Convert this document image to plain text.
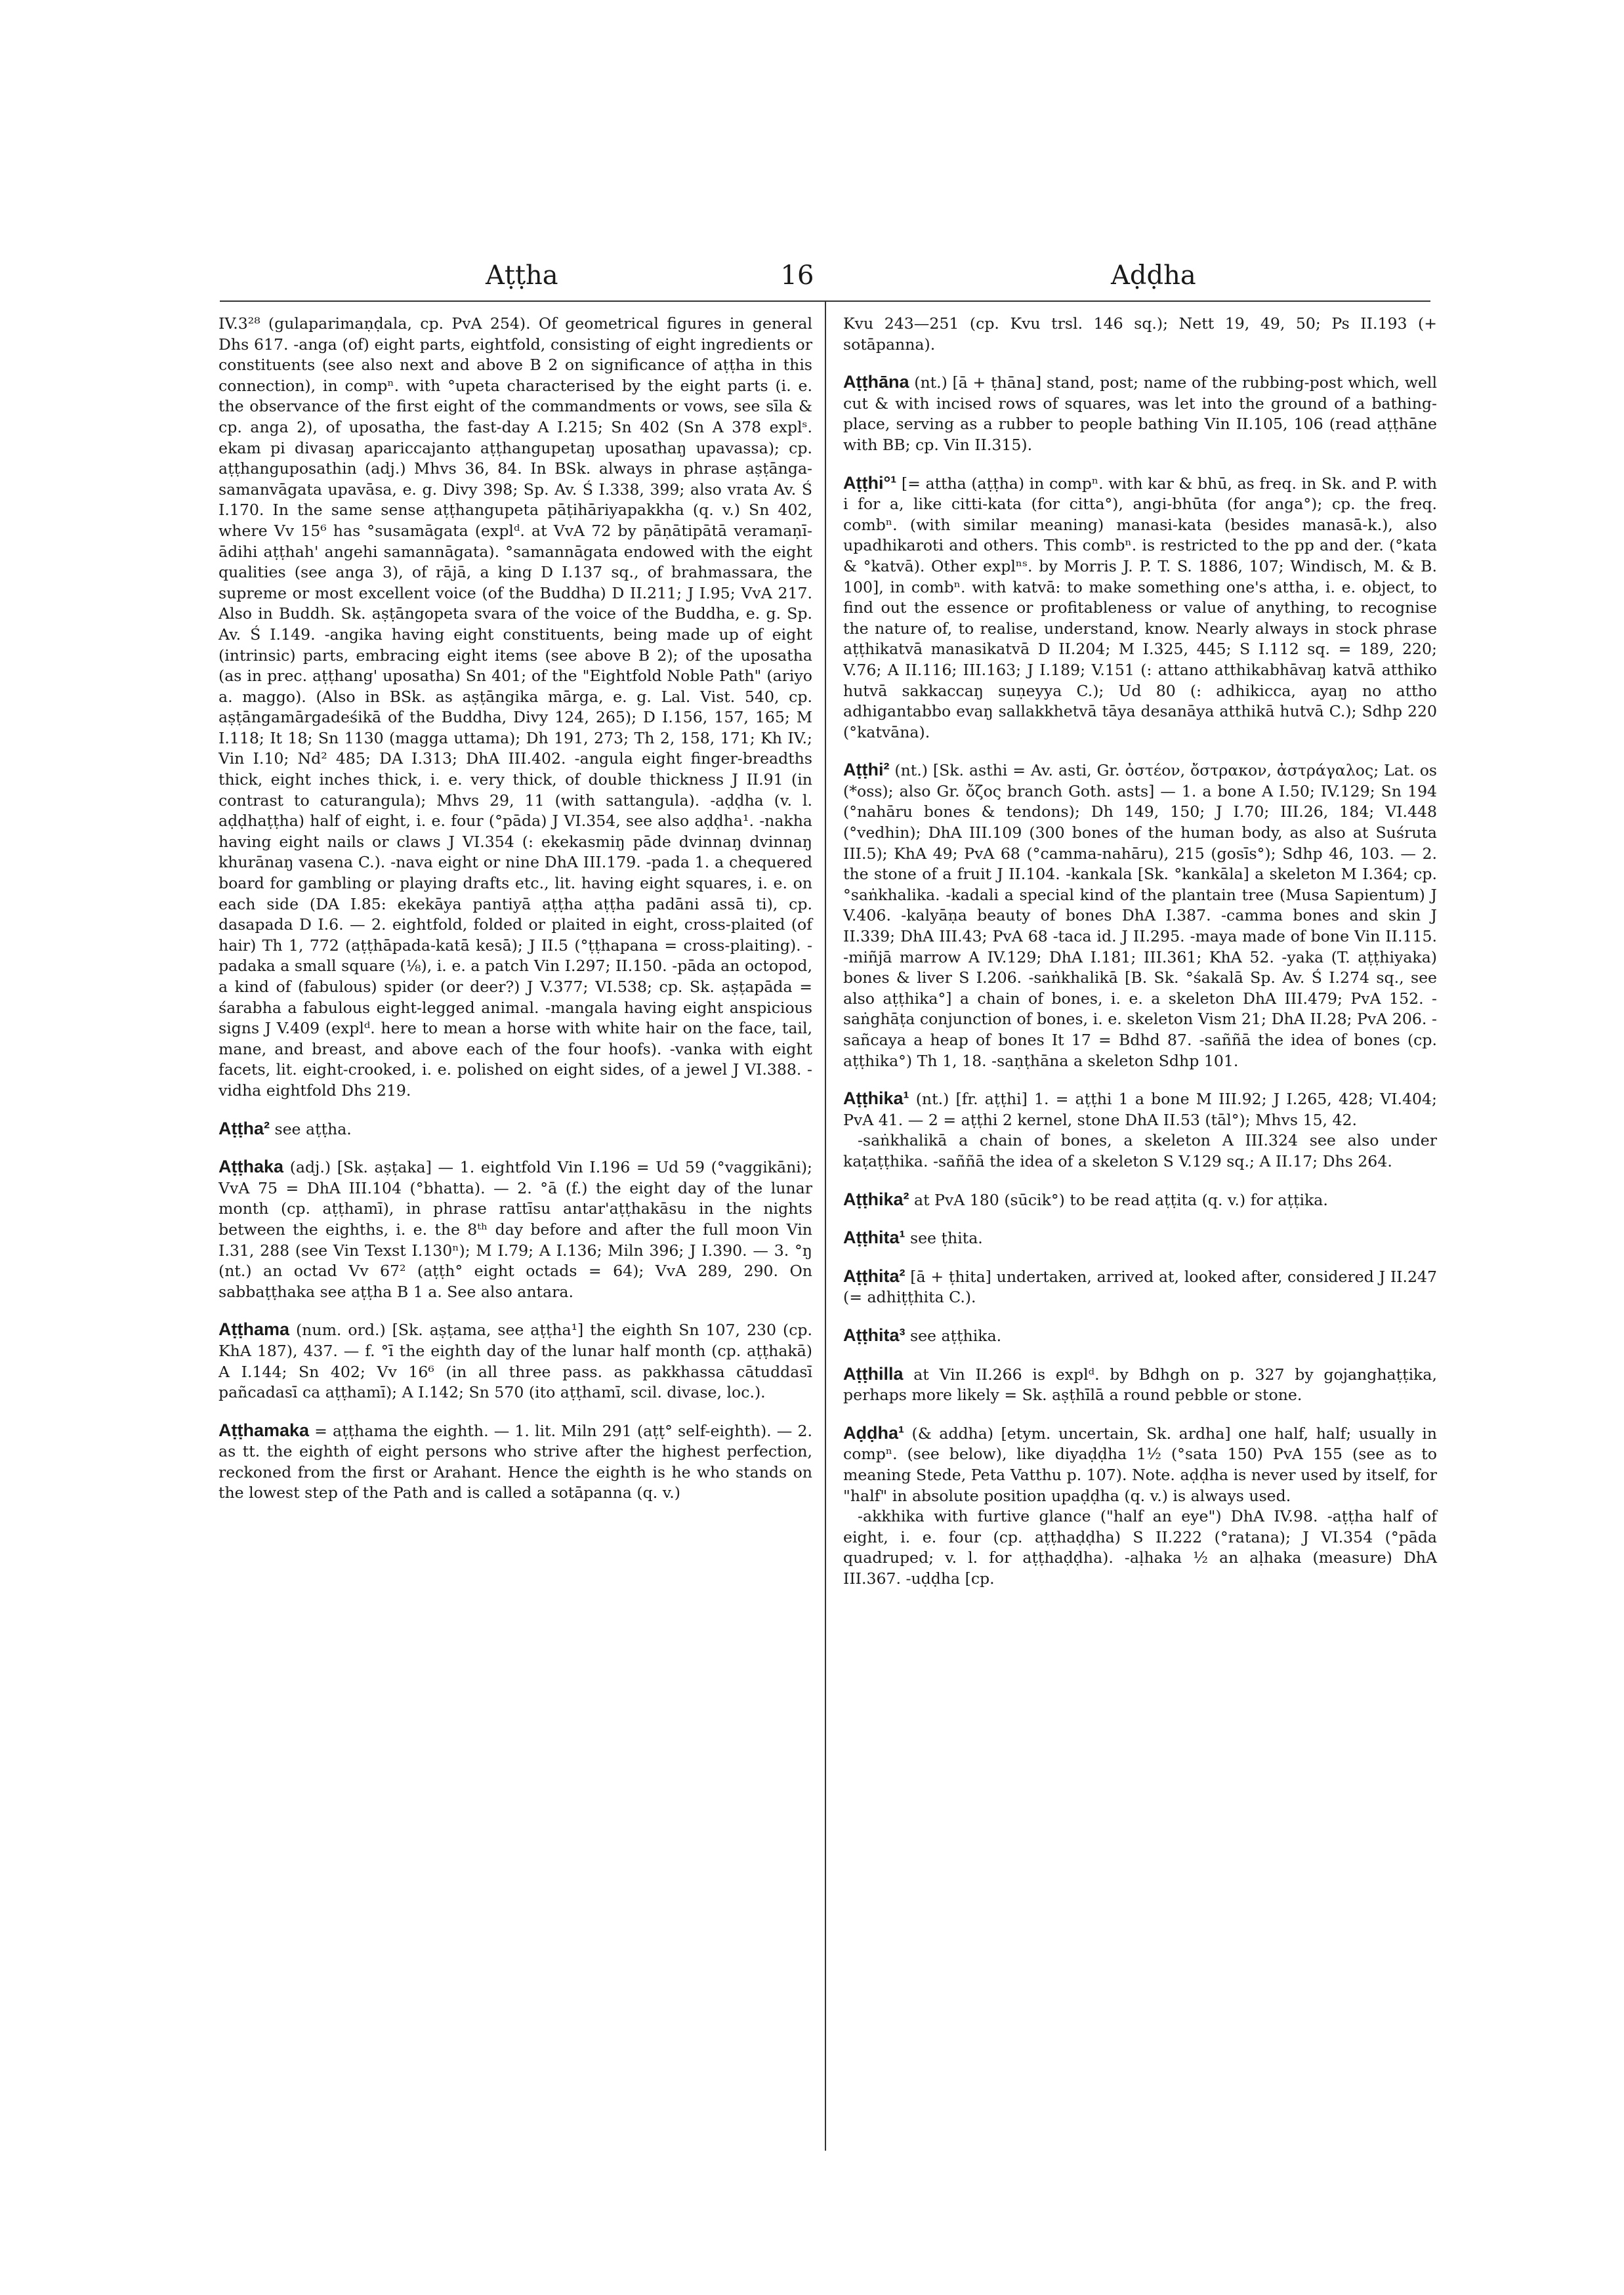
Aṭṭha	16	Aḍḍha
IV.3²⁸ (gulaparimaṇḍala, cp. PvA 254). Of geometrical figures in general Dhs 617. -anga (of) eight parts, eightfold, consisting of eight ingredients or constituents (see also next and above B 2 on significance of aṭṭha in this connection), in compⁿ. with °upeta characterised by the eight parts (i. e. the observance of the first eight of the commandments or vows, see sīla & cp. anga 2), of uposatha, the fast-day A I.215; Sn 402 (Sn A 378 explˢ. ekam pi divasaŋ apariccajanto aṭṭhangupetaŋ uposathaŋ upavassa); cp. aṭṭhanguposathin (adj.) Mhvs 36, 84. In BSk. always in phrase aṣṭānga-samanvāgata upavāsa, e. g. Divy 398; Sp. Av. Ś I.338, 399; also vrata Av. Ś I.170. In the same sense aṭṭhangupeta pāṭihāriyapakkha (q. v.) Sn 402, where Vv 15⁶ has °susamāgata (explᵈ. at VvA 72 by pāṇātipātā veramaṇī-ādihi aṭṭhah' angehi samannāgata). °samannāgata endowed with the eight qualities (see anga 3), of rājā, a king D I.137 sq., of brahmassara, the supreme or most excellent voice (of the Buddha) D II.211; J I.95; VvA 217. Also in Buddh. Sk. aṣṭāngopeta svara of the voice of the Buddha, e. g. Sp. Av. Ś I.149. -angika having eight constituents, being made up of eight (intrinsic) parts, embracing eight items (see above B 2); of the uposatha (as in prec. aṭṭhang' uposatha) Sn 401; of the "Eightfold Noble Path" (ariyo a. maggo). (Also in BSk. as aṣṭāngika mārga, e. g. Lal. Vist. 540, cp. aṣṭāngamārgadeśikā of the Buddha, Divy 124, 265); D I.156, 157, 165; M I.118; It 18; Sn 1130 (magga uttama); Dh 191, 273; Th 2, 158, 171; Kh IV.; Vin I.10; Nd² 485; DA I.313; DhA III.402. -angula eight finger-breadths thick, eight inches thick, i. e. very thick, of double thickness J II.91 (in contrast to caturangula); Mhvs 29, 11 (with sattangula). -aḍḍha (v. l. aḍḍhaṭṭha) half of eight, i. e. four (°pāda) J VI.354, see also aḍḍha¹. -nakha having eight nails or claws J VI.354 (: ekekasmiŋ pāde dvinnaŋ dvinnaŋ khurānaŋ vasena C.). -nava eight or nine DhA III.179. -pada 1. a chequered board for gambling or playing drafts etc., lit. having eight squares, i. e. on each side (DA I.85: ekekāya pantiyā aṭṭha aṭṭha padāni assā ti), cp. dasapada D I.6. — 2. eightfold, folded or plaited in eight, cross-plaited (of hair) Th 1, 772 (aṭṭhāpada-katā kesā); J II.5 (°ṭṭhapana = cross-plaiting). -padaka a small square (⅛), i. e. a patch Vin I.297; II.150. -pāda an octopod, a kind of (fabulous) spider (or deer?) J V.377; VI.538; cp. Sk. aṣṭapāda = śarabha a fabulous eight-legged animal. -mangala having eight anspicious signs J V.409 (explᵈ. here to mean a horse with white hair on the face, tail, mane, and breast, and above each of the four hoofs). -vanka with eight facets, lit. eight-crooked, i. e. polished on eight sides, of a jewel J VI.388. -vidha eightfold Dhs 219.
Aṭṭha² see aṭṭha.
Aṭṭhaka (adj.) [Sk. aṣṭaka] — 1. eightfold Vin I.196 = Ud 59 (°vaggikāni); VvA 75 = DhA III.104 (°bhatta). — 2. °ā (f.) the eight day of the lunar month (cp. aṭṭhamī), in phrase rattīsu antar'aṭṭhakāsu in the nights between the eighths, i. e. the 8ᵗʰ day before and after the full moon Vin I.31, 288 (see Vin Texst I.130ⁿ); M I.79; A I.136; Miln 396; J I.390. — 3. °ŋ (nt.) an octad Vv 67² (aṭṭh° eight octads = 64); VvA 289, 290. On sabbaṭṭhaka see aṭṭha B 1 a. See also antara.
Aṭṭhama (num. ord.) [Sk. aṣṭama, see aṭṭha¹] the eighth Sn 107, 230 (cp. KhA 187), 437. — f. °ī the eighth day of the lunar half month (cp. aṭṭhakā) A I.144; Sn 402; Vv 16⁶ (in all three pass. as pakkhassa cātuddasī pañcadasī ca aṭṭhamī); A I.142; Sn 570 (ito aṭṭhamī, scil. divase, loc.).
Aṭṭhamaka = aṭṭhama the eighth. — 1. lit. Miln 291 (aṭṭ° self-eighth). — 2. as tt. the eighth of eight persons who strive after the highest perfection, reckoned from the first or Arahant. Hence the eighth is he who stands on the lowest step of the Path and is called a sotāpanna (q. v.)
Kvu 243—251 (cp. Kvu trsl. 146 sq.); Nett 19, 49, 50; Ps II.193 (+ sotāpanna).
Aṭṭhāna (nt.) [ā + ṭhāna] stand, post; name of the rubbing-post which, well cut & with incised rows of squares, was let into the ground of a bathing-place, serving as a rubber to people bathing Vin II.105, 106 (read aṭṭhāne with BB; cp. Vin II.315).
Aṭṭhi°¹ [= attha (aṭṭha) in compⁿ. with kar & bhū, as freq. in Sk. and P. with i for a, like citti-kata (for citta°), angi-bhūta (for anga°); cp. the freq. combⁿ. (with similar meaning) manasi-kata (besides manasā-k.), also upadhikaroti and others. This combⁿ. is restricted to the pp and der. (°kata & °katvā). Other explⁿˢ. by Morris J. P. T. S. 1886, 107; Windisch, M. & B. 100], in combⁿ. with katvā: to make something one's attha, i. e. object, to find out the essence or profitableness or value of anything, to recognise the nature of, to realise, understand, know. Nearly always in stock phrase aṭṭhikatvā manasikatvā D II.204; M I.325, 445; S I.112 sq. = 189, 220; V.76; A II.116; III.163; J I.189; V.151 (: attano atthikabhāvaŋ katvā atthiko hutvā sakkaccaŋ suṇeyya C.); Ud 80 (: adhikicca, ayaŋ no attho adhigantabbo evaŋ sallakkhetvā tāya desanāya atthikā hutvā C.); Sdhp 220 (°katvāna).
Aṭṭhi² (nt.) [Sk. asthi = Av. asti, Gr. ὀστέον, ὄστρακον, ἀστράγαλος; Lat. os (*oss); also Gr. ὄζος branch Goth. asts] — 1. a bone A I.50; IV.129; Sn 194 (°nahāru bones & tendons); Dh 149, 150; J I.70; III.26, 184; VI.448 (°vedhin); DhA III.109 (300 bones of the human body, as also at Suśruta III.5); KhA 49; PvA 68 (°camma-nahāru), 215 (gosīs°); Sdhp 46, 103. — 2. the stone of a fruit J II.104. -kankala [Sk. °kankāla] a skeleton M I.364; cp. °saṅkhalika. -kadali a special kind of the plantain tree (Musa Sapientum) J V.406. -kalyāṇa beauty of bones DhA I.387. -camma bones and skin J II.339; DhA III.43; PvA 68 -taca id. J II.295. -maya made of bone Vin II.115. -miñjā marrow A IV.129; DhA I.181; III.361; KhA 52. -yaka (T. aṭṭhiyaka) bones & liver S I.206. -saṅkhalikā [B. Sk. °śakalā Sp. Av. Ś I.274 sq., see also aṭṭhika°] a chain of bones, i. e. a skeleton DhA III.479; PvA 152. -saṅghāṭa conjunction of bones, i. e. skeleton Vism 21; DhA II.28; PvA 206. -sañcaya a heap of bones It 17 = Bdhd 87. -saññā the idea of bones (cp. aṭṭhika°) Th 1, 18. -saṇṭhāna a skeleton Sdhp 101.
Aṭṭhika¹ (nt.) [fr. aṭṭhi] 1. = aṭṭhi 1 a bone M III.92; J I.265, 428; VI.404; PvA 41. — 2 = aṭṭhi 2 kernel, stone DhA II.53 (tāl°); Mhvs 15, 42.
-saṅkhalikā a chain of bones, a skeleton A III.324 see also under kaṭaṭṭhika. -saññā the idea of a skeleton S V.129 sq.; A II.17; Dhs 264.
Aṭṭhika² at PvA 180 (sūcik°) to be read aṭṭita (q. v.) for aṭṭika.
Aṭṭhita¹ see ṭhita.
Aṭṭhita² [ā + ṭhita] undertaken, arrived at, looked after, considered J II.247 (= adhiṭṭhita C.).
Aṭṭhita³ see aṭṭhika.
Aṭṭhilla at Vin II.266 is explᵈ. by Bdhgh on p. 327 by gojanghaṭṭika, perhaps more likely = Sk. aṣṭhīlā a round pebble or stone.
Aḍḍha¹ (& addha) [etym. uncertain, Sk. ardha] one half, half; usually in compⁿ. (see below), like diyaḍḍha 1½ (°sata 150) PvA 155 (see as to meaning Stede, Peta Vatthu p. 107). Note. aḍḍha is never used by itself, for "half" in absolute position upaḍḍha (q. v.) is always used.
-akkhika with furtive glance ("half an eye") DhA IV.98. -aṭṭha half of eight, i. e. four (cp. aṭṭhaḍḍha) S II.222 (°ratana); J VI.354 (°pāda quadruped; v. l. for aṭṭhaḍḍha). -aḷhaka ½ an aḷhaka (measure) DhA III.367. -uḍḍha [cp.
